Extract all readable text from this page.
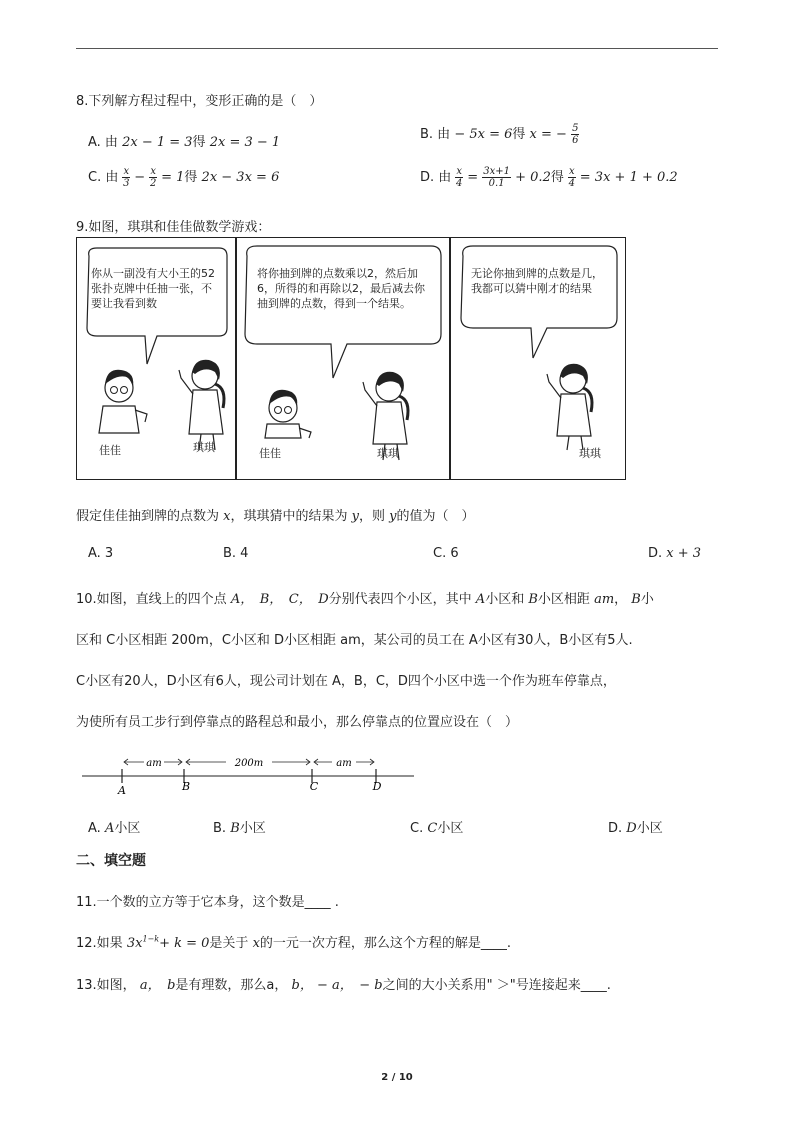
8.下列解方程过程中，变形正确的是（　）
A. 由 2x − 1 = 3得 2x = 3 − 1
B. 由 − 5x = 6得 x = − $\frac{5}{6}$
C. 由 $\frac{x}{3} - \frac{x}{2} = 1$得 2x − 3x = 6	D. 由 $\frac{x}{4} = \frac{3x+1}{0.1} + 0.2$得 $\frac{x}{4} = 3x + 1 + 0.2$
9.如图，琪琪和佳佳做数学游戏：
你从一副没有大小王的52张扑克牌中任抽一张，不要让我看到数
佳佳	琪琪
将你抽到牌的点数乘以2，然后加6，所得的和再除以2，最后减去你抽到牌的点数，得到一个结果。
佳佳	琪琪
无论你抽到牌的点数是几，我都可以猜中刚才的结果
琪琪
假定佳佳抽到牌的点数为 x，琪琪猜中的结果为 y，则 y的值为（　）
A. 3	B. 4	C. 6	D. x + 3
10.如图，直线上的四个点 A，　B，　C，　D分别代表四个小区，其中 A小区和 B小区相距 am， B小
区和 C小区相距 200m，C小区和 D小区相距 am，某公司的员工在 A小区有30人，B小区有5人.
C小区有20人，D小区有6人，现公司计划在 A，B，C，D四个小区中选一个作为班车停靠点，
为使所有员工步行到停靠点的路程总和最小，那么停靠点的位置应设在（　）
am	200m	am
A	B	C	D
A. A小区	B. B小区	C. C小区	D. D小区
二、填空题
11.一个数的立方等于它本身，这个数是____ .
12.如果 $3x^{1-k}+ k = 0$是关于 x的一元一次方程，那么这个方程的解是____.
13.如图， a，　b是有理数，那么a， b， − a，　− b之间的大小关系用" ＞"号连接起来____.
2 / 10
